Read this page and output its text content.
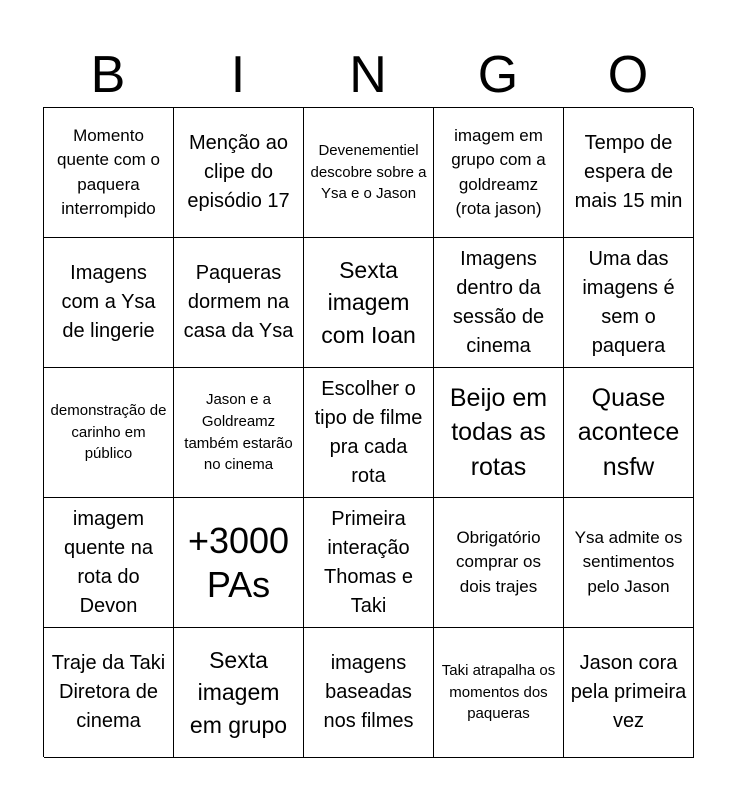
B	I	N	G	O
Momento quente com o paquera interrompido
Menção ao clipe do episódio 17
Devenementiel descobre sobre a Ysa e o Jason
imagem em grupo com a goldreamz (rota jason)
Tempo de espera de mais 15 min
Imagens com a Ysa de lingerie
Paqueras dormem na casa da Ysa
Sexta imagem com Ioan
Imagens dentro da sessão de cinema
Uma das imagens é sem o paquera
demonstração de carinho em público
Jason e a Goldreamz também estarão no cinema
Escolher o tipo de filme pra cada rota
Beijo em todas as rotas
Quase acontece nsfw
imagem quente na rota do Devon
+3000 PAs
Primeira interação Thomas e Taki
Obrigatório comprar os dois trajes
Ysa admite os sentimentos pelo Jason
Traje da Taki Diretora de cinema
Sexta imagem em grupo
imagens baseadas nos filmes
Taki atrapalha os momentos dos paqueras
Jason cora pela primeira vez
